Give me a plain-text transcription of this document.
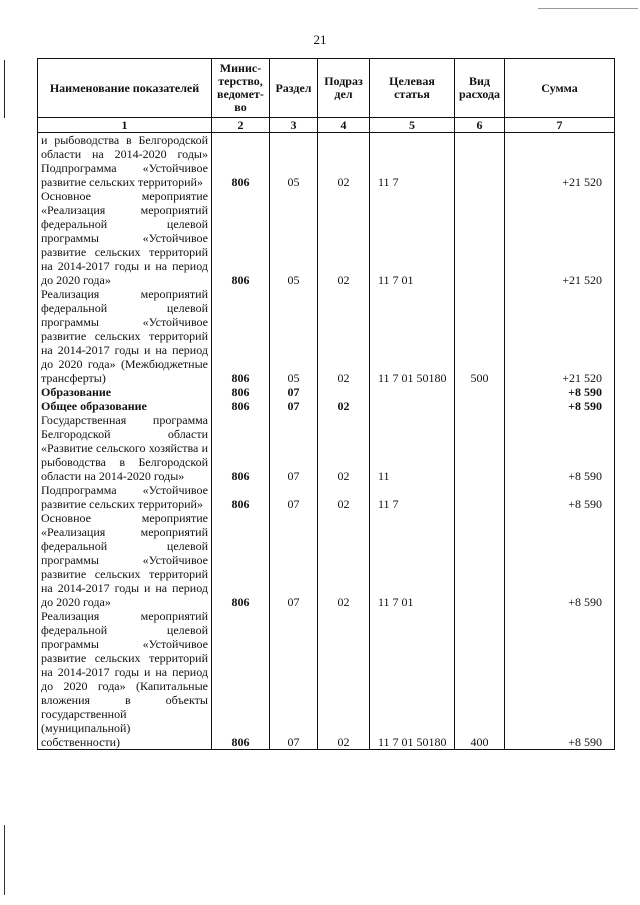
21
Наименование показателей	Минис-терство, ведомет-во	Раздел	Подраз дел	Целевая статья	Вид расхода	Сумма
1	2	3	4	5	6	7
и рыбоводства в Белгородской области на 2014-2020 годы» Подпрограмма «Устойчивое развитие сельских территорий»	806	05	02	11 7		+21 520
Основное мероприятие «Реализация мероприятий федеральной целевой программы «Устойчивое развитие сельских территорий на 2014-2017 годы и на период до 2020 года»	806	05	02	11 7 01		+21 520
Реализация мероприятий федеральной целевой программы «Устойчивое развитие сельских территорий на 2014-2017 годы и на период до 2020 года» (Межбюджетные трансферты)	806	05	02	11 7 01 50180	500	+21 520
Образование	806	07				+8 590
Общее образование	806	07	02			+8 590
Государственная программа Белгородской области «Развитие сельского хозяйства и рыбоводства в Белгородской области на 2014-2020 годы»	806	07	02	11		+8 590
Подпрограмма «Устойчивое развитие сельских территорий»	806	07	02	11 7		+8 590
Основное мероприятие «Реализация мероприятий федеральной целевой программы «Устойчивое развитие сельских территорий на 2014-2017 годы и на период до 2020 года»	806	07	02	11 7 01		+8 590
Реализация мероприятий федеральной целевой программы «Устойчивое развитие сельских территорий на 2014-2017 годы и на период до 2020 года» (Капитальные вложения в объекты государственной (муниципальной) собственности)	806	07	02	11 7 01 50180	400	+8 590
